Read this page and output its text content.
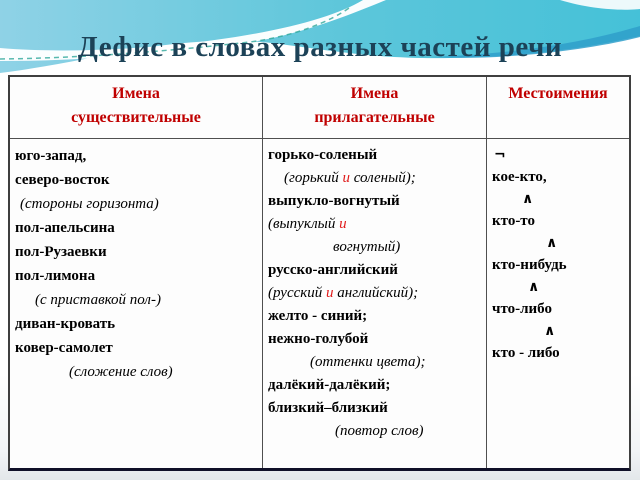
Дефис в словах разных частей речи
Имена
существительные
Имена
прилагательные
Местоимения
юго-запад,
северо-восток
(стороны горизонта)
пол-апельсина
пол-Рузаевки
пол-лимона
(с приставкой пол-)
диван-кровать
ковер-самолет
(сложение слов)
горько-соленый
(горький и соленый);
выпукло-вогнутый
(выпуклый и
вогнутый)
русско-английский
(русский и английский);
желто - синий;
нежно-голубой
(оттенки цвета);
далёкий-далёкий;
близкий–близкий
(повтор слов)
¬
кое-кто,
∧
кто-то
∧
кто-нибудь
∧
что-либо
∧
кто - либо
